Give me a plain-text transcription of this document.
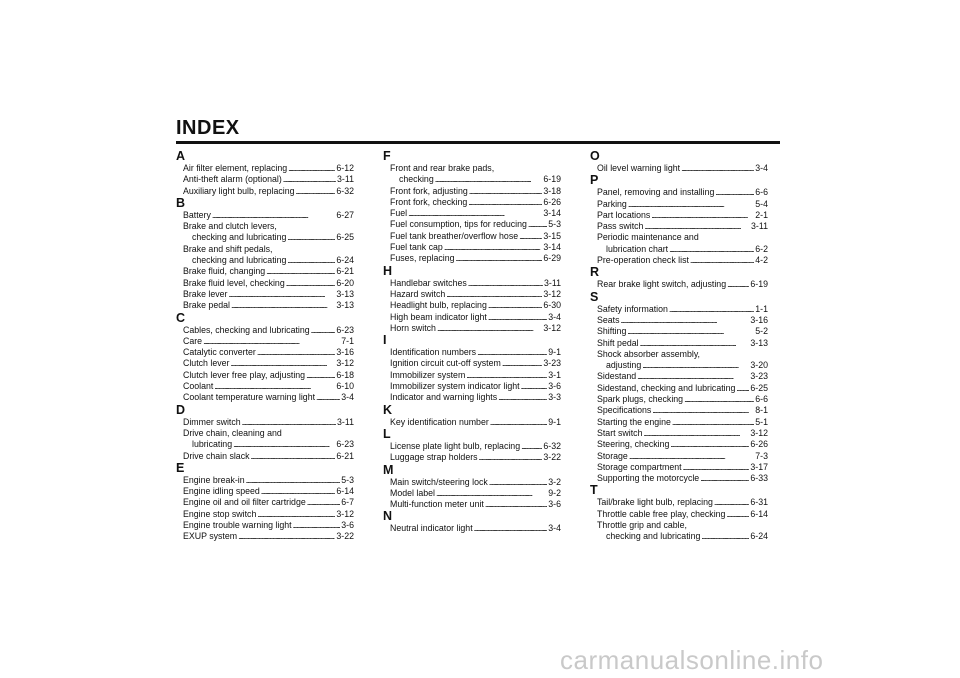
INDEX
A
Air filter element, replacing . . .	6-12
Anti-theft alarm (optional) . . .	3-11
Auxiliary light bulb, replacing . . .	6-32
B
Battery . . .	6-27
Brake and clutch levers,
checking and lubricating . . .	6-25
Brake and shift pedals,
checking and lubricating . . .	6-24
Brake fluid, changing . . .	6-21
Brake fluid level, checking . . .	6-20
Brake lever . . .	3-13
Brake pedal . . .	3-13
C
Cables, checking and lubricating . . .	6-23
Care . . .	7-1
Catalytic converter . . .	3-16
Clutch lever . . .	3-12
Clutch lever free play, adjusting . . .	6-18
Coolant . . .	6-10
Coolant temperature warning light . . .	3-4
D
Dimmer switch . . .	3-11
Drive chain, cleaning and
lubricating . . .	6-23
Drive chain slack . . .	6-21
E
Engine break-in . . .	5-3
Engine idling speed . . .	6-14
Engine oil and oil filter cartridge . . .	6-7
Engine stop switch . . .	3-12
Engine trouble warning light . . .	3-6
EXUP system . . .	3-22
F
Front and rear brake pads,
checking . . .	6-19
Front fork, adjusting . . .	3-18
Front fork, checking . . .	6-26
Fuel . . .	3-14
Fuel consumption, tips for reducing . . . 5-3
Fuel tank breather/overflow hose . . .	3-15
Fuel tank cap . . .	3-14
Fuses, replacing . . .	6-29
H
Handlebar switches . . .	3-11
Hazard switch . . .	3-12
Headlight bulb, replacing . . .	6-30
High beam indicator light . . .	3-4
Horn switch . . .	3-12
I
Identification numbers . . .	9-1
Ignition circuit cut-off system . . .	3-23
Immobilizer system . . .	3-1
Immobilizer system indicator light . . .	3-6
Indicator and warning lights . . .	3-3
K
Key identification number . . .	9-1
L
License plate light bulb, replacing . . .	6-32
Luggage strap holders . . .	3-22
M
Main switch/steering lock . . .	3-2
Model label . . .	9-2
Multi-function meter unit . . .	3-6
N
Neutral indicator light . . .	3-4
O
Oil level warning light . . .	3-4
P
Panel, removing and installing . . .	6-6
Parking . . .	5-4
Part locations . . .	2-1
Pass switch . . .	3-11
Periodic maintenance and
lubrication chart . . .	6-2
Pre-operation check list . . .	4-2
R
Rear brake light switch, adjusting . . .	6-19
S
Safety information . . .	1-1
Seats . . .	3-16
Shifting . . .	5-2
Shift pedal . . .	3-13
Shock absorber assembly,
adjusting . . .	3-20
Sidestand . . .	3-23
Sidestand, checking and lubricating . . . 6-25
Spark plugs, checking . . .	6-6
Specifications . . .	8-1
Starting the engine . . .	5-1
Start switch . . .	3-12
Steering, checking . . .	6-26
Storage . . .	7-3
Storage compartment . . .	3-17
Supporting the motorcycle . . .	6-33
T
Tail/brake light bulb, replacing . . .	6-31
Throttle cable free play, checking . . .	6-14
Throttle grip and cable,
checking and lubricating . . .	6-24
carmanualsonline.info
